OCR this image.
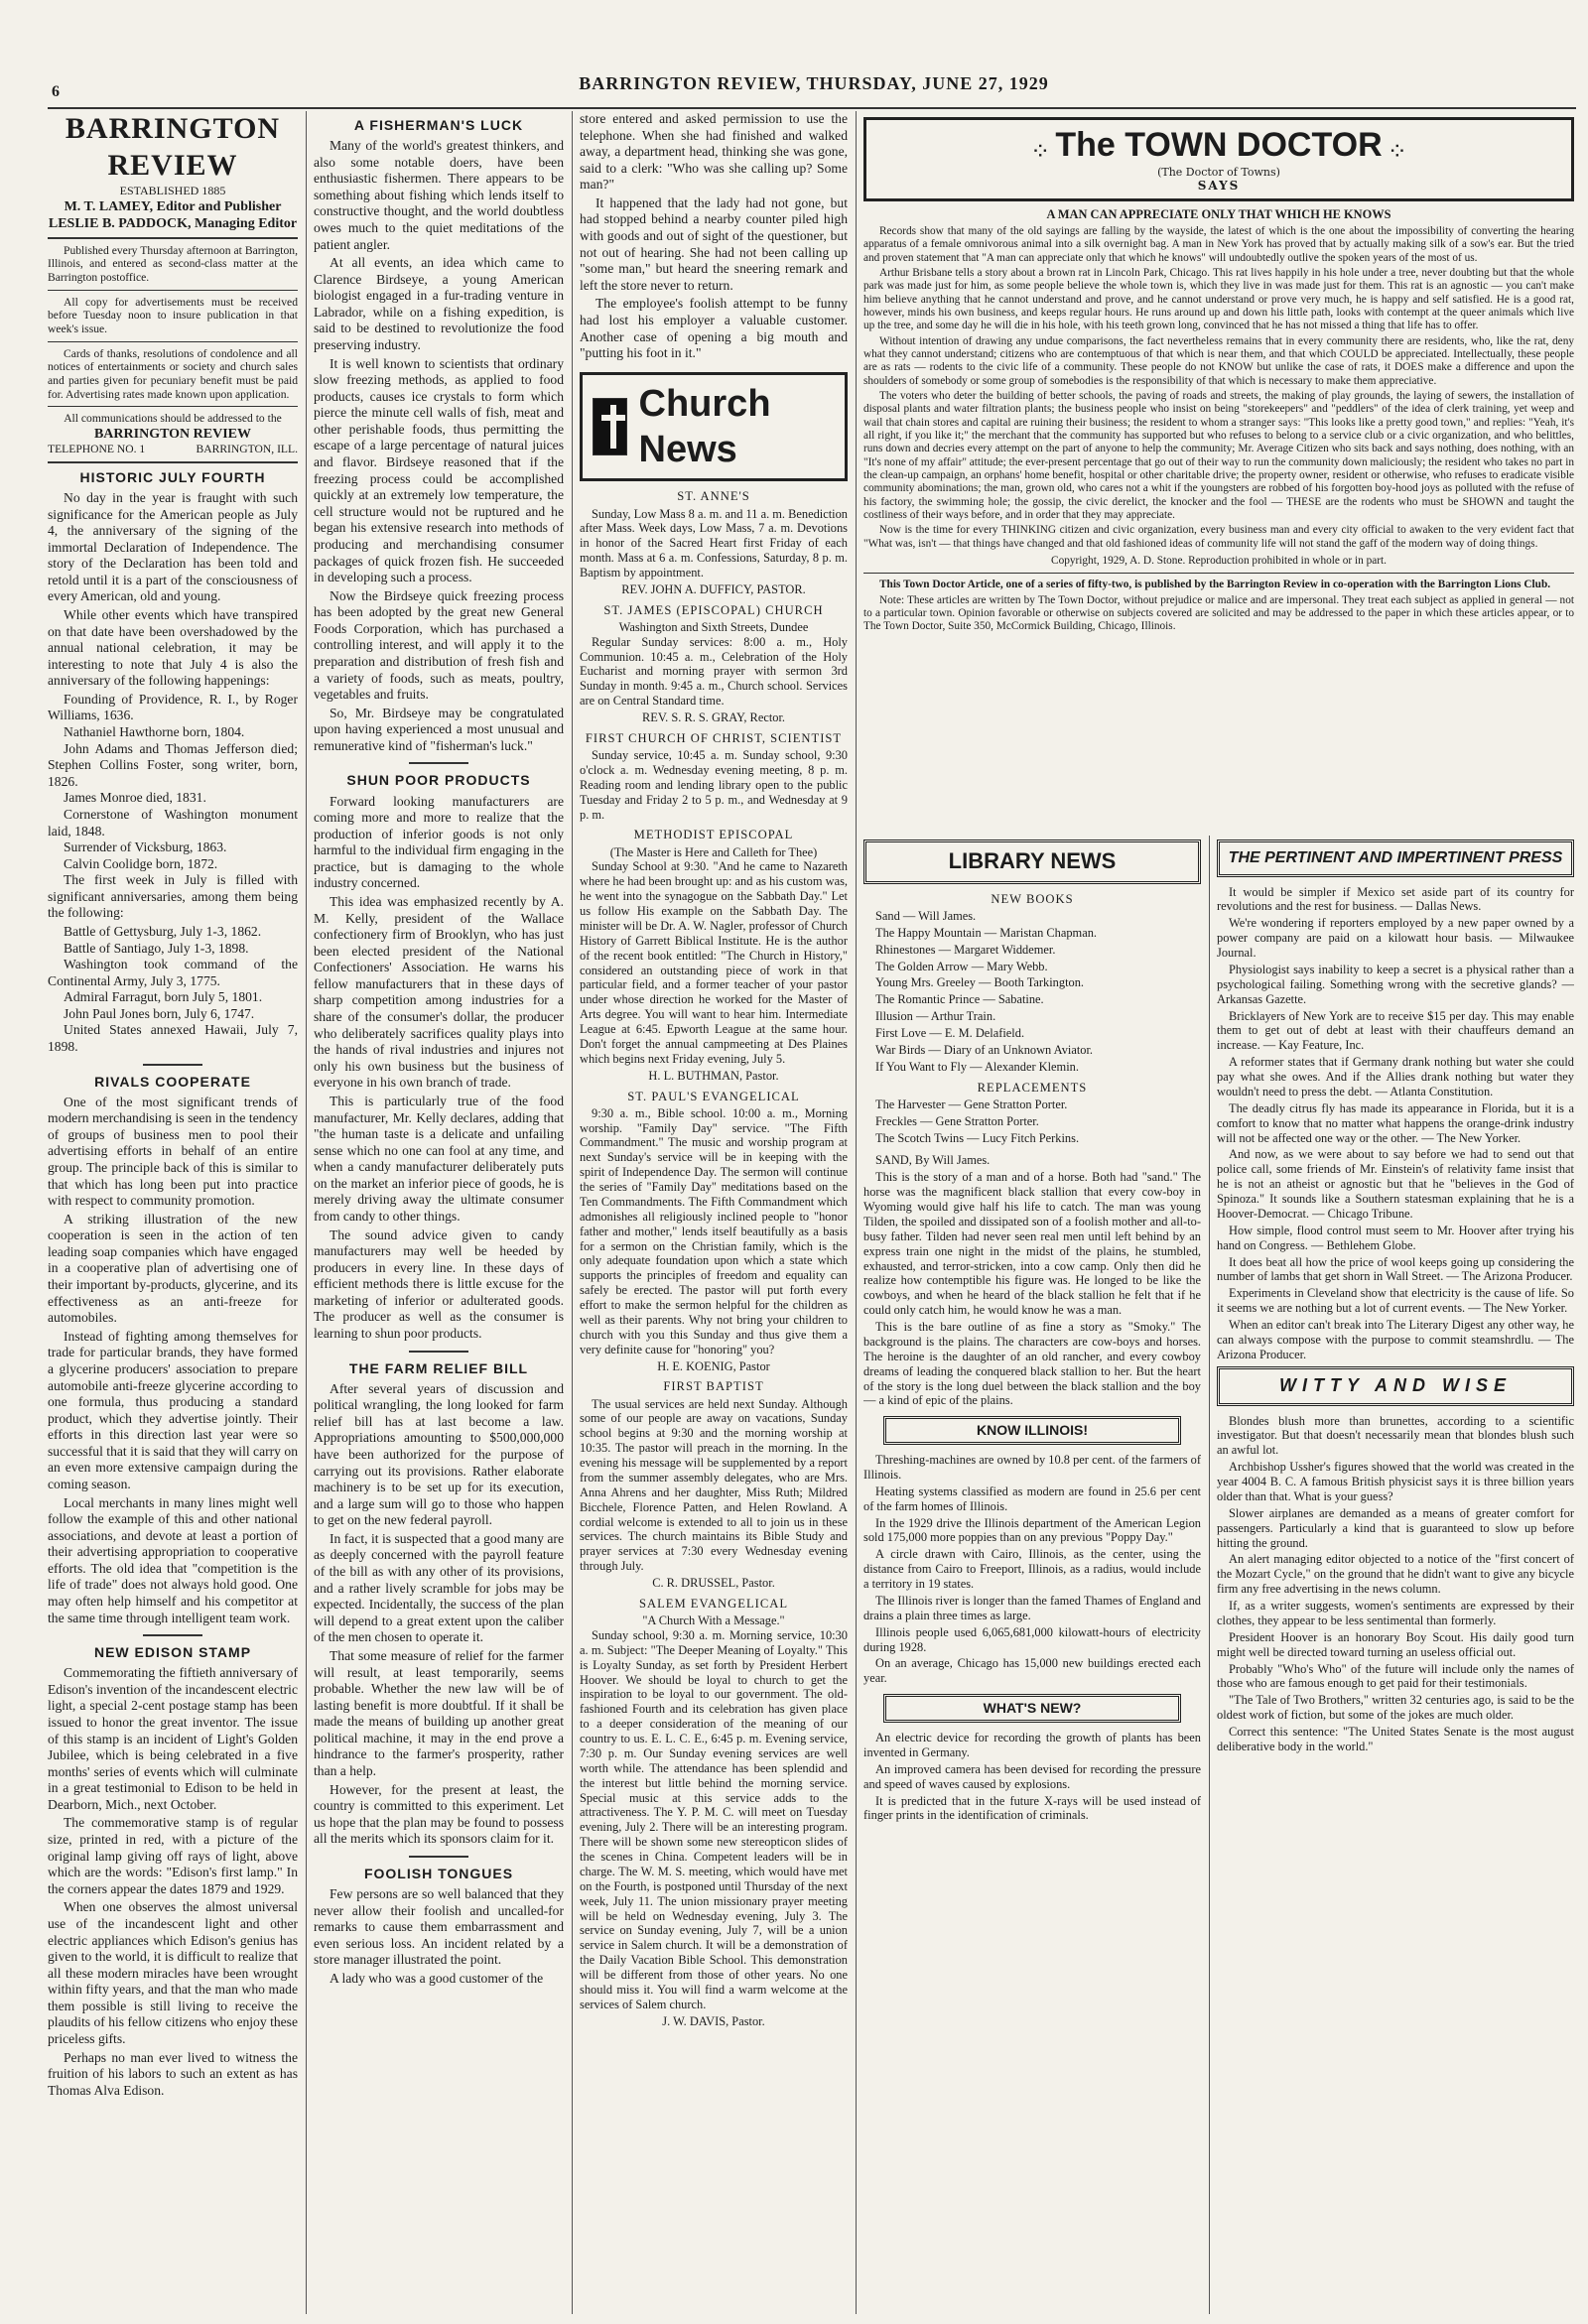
6	BARRINGTON REVIEW, THURSDAY, JUNE 27, 1929
BARRINGTON REVIEW
ESTABLISHED 1885
M. T. LAMEY, Editor and Publisher
LESLIE B. PADDOCK, Managing Editor

Published every Thursday afternoon at Barrington, Illinois, and entered as second-class matter at the Barrington postoffice.

All copy for advertisements must be received before Tuesday noon to insure publication in that week's issue.

Cards of thanks, resolutions of condolence and all notices of entertainments or society and church sales and parties given for pecuniary benefit must be paid for. Advertising rates made known upon application.

All communications should be addressed to the
BARRINGTON REVIEW
TELEPHONE NO. 1	BARRINGTON, ILL.
HISTORIC JULY FOURTH

No day in the year is fraught with such significance for the American people as July 4, the anniversary of the signing of the immortal Declaration of Independence. The story of the Declaration has been told and retold until it is a part of the consciousness of every American, old and young.

While other events which have transpired on that date have been overshadowed by the annual national celebration, it may be interesting to note that July 4 is also the anniversary of the following happenings:

Founding of Providence, R. I., by Roger Williams, 1636.

Nathaniel Hawthorne born, 1804.

John Adams and Thomas Jefferson died; Stephen Collins Foster, song writer, born, 1826.

James Monroe died, 1831.

Cornerstone of Washington monument laid, 1848.

Surrender of Vicksburg, 1863.

Calvin Coolidge born, 1872.

The first week in July is filled with significant anniversaries, among them being the following:

Battle of Gettysburg, July 1-3, 1862.

Battle of Santiago, July 1-3, 1898.

Washington took command of the Continental Army, July 3, 1775.

Admiral Farragut, born July 5, 1801.

John Paul Jones born, July 6, 1747.

United States annexed Hawaii, July 7, 1898.

RIVALS COOPERATE

One of the most significant trends of modern merchandising is seen in the tendency of groups of business men to pool their advertising efforts in behalf of an entire group. The principle back of this is similar to that which has long been put into practice with respect to community promotion.

A striking illustration of the new cooperation is seen in the action of ten leading soap companies which have engaged in a cooperative plan of advertising one of their important by-products, glycerine, and its effectiveness as an anti-freeze for automobiles.

Instead of fighting among themselves for trade for particular brands, they have formed a glycerine producers' association to prepare automobile anti-freeze glycerine according to one formula, thus producing a standard product, which they advertise jointly. Their efforts in this direction last year were so successful that it is said that they will carry on an even more extensive campaign during the coming season.

Local merchants in many lines might well follow the example of this and other national associations, and devote at least a portion of their advertising appropriation to cooperative efforts. The old idea that "competition is the life of trade" does not always hold good. One may often help himself and his competitor at the same time through intelligent team work.

NEW EDISON STAMP

Commemorating the fiftieth anniversary of Edison's invention of the incandescent electric light, a special 2-cent postage stamp has been issued to honor the great inventor. The issue of this stamp is an incident of Light's Golden Jubilee, which is being celebrated in a five months' series of events which will culminate in a great testimonial to Edison to be held in Dearborn, Mich., next October.

The commemorative stamp is of regular size, printed in red, with a picture of the original lamp giving off rays of light, above which are the words: "Edison's first lamp." In the corners appear the dates 1879 and 1929.

When one observes the almost universal use of the incandescent light and other electric appliances which Edison's genius has given to the world, it is difficult to realize that all these modern miracles have been wrought within fifty years, and that the man who made them possible is still living to receive the plaudits of his fellow citizens who enjoy these priceless gifts.

Perhaps no man ever lived to witness the fruition of his labors to such an extent as has Thomas Alva Edison.

A FISHERMAN'S LUCK

Many of the world's greatest thinkers, and also some notable doers, have been enthusiastic fishermen. There appears to be something about fishing which lends itself to constructive thought, and the world doubtless owes much to the quiet meditations of the patient angler.

At all events, an idea which came to Clarence Birdseye, a young American biologist engaged in a fur-trading venture in Labrador, while on a fishing expedition, is said to be destined to revolutionize the food preserving industry.

It is well known to scientists that ordinary slow freezing methods, as applied to food products, causes ice crystals to form which pierce the minute cell walls of fish, meat and other perishable foods, thus permitting the escape of a large percentage of natural juices and flavor. Birdseye reasoned that if the freezing process could be accomplished quickly at an extremely low temperature, the cell structure would not be ruptured and he began his extensive research into methods of producing and merchandising consumer packages of quick frozen fish. He succeeded in developing such a process.

Now the Birdseye quick freezing process has been adopted by the great new General Foods Corporation, which has purchased a controlling interest, and will apply it to the preparation and distribution of fresh fish and a variety of foods, such as meats, poultry, vegetables and fruits.

So, Mr. Birdseye may be congratulated upon having experienced a most unusual and remunerative kind of "fisherman's luck."

SHUN POOR PRODUCTS

Forward looking manufacturers are coming more and more to realize that the production of inferior goods is not only harmful to the individual firm engaging in the practice, but is damaging to the whole industry concerned.

This idea was emphasized recently by A. M. Kelly, president of the Wallace confectionery firm of Brooklyn, who has just been elected president of the National Confectioners' Association. He warns his fellow manufacturers that in these days of sharp competition among industries for a share of the consumer's dollar, the producer who deliberately sacrifices quality plays into the hands of rival industries and injures not only his own business but the business of everyone in his own branch of trade.

This is particularly true of the food manufacturer, Mr. Kelly declares, adding that "the human taste is a delicate and unfailing sense which no one can fool at any time, and when a candy manufacturer deliberately puts on the market an inferior piece of goods, he is merely driving away the ultimate consumer from candy to other things.

The sound advice given to candy manufacturers may well be heeded by producers in every line. In these days of efficient methods there is little excuse for the marketing of inferior or adulterated goods. The producer as well as the consumer is learning to shun poor products.

THE FARM RELIEF BILL

After several years of discussion and political wrangling, the long looked for farm relief bill has at last become a law. Appropriations amounting to $500,000,000 have been authorized for the purpose of carrying out its provisions. Rather elaborate machinery is to be set up for its execution, and a large sum will go to those who happen to get on the new federal payroll.

In fact, it is suspected that a good many are as deeply concerned with the payroll feature of the bill as with any other of its provisions, and a rather lively scramble for jobs may be expected. Incidentally, the success of the plan will depend to a great extent upon the caliber of the men chosen to operate it.

That some measure of relief for the farmer will result, at least temporarily, seems probable. Whether the new law will be of lasting benefit is more doubtful. If it shall be made the means of building up another great political machine, it may in the end prove a hindrance to the farmer's prosperity, rather than a help.

However, for the present at least, the country is committed to this experiment. Let us hope that the plan may be found to possess all the merits which its sponsors claim for it.

FOOLISH TONGUES

Few persons are so well balanced that they never allow their foolish and uncalled-for remarks to cause them embarrassment and even serious loss. An incident related by a store manager illustrated the point.

A lady who was a good customer of the

store entered and asked permission to use the telephone. When she had finished and walked away, a department head, thinking she was gone, said to a clerk: "Who was she calling up? Some man?"

It happened that the lady had not gone, but had stopped behind a nearby counter piled high with goods and out of sight of the questioner, but not out of hearing. She had not been calling up "some man," but heard the sneering remark and left the store never to return.

The employee's foolish attempt to be funny had lost his employer a valuable customer. Another case of opening a big mouth and "putting his foot in it."

Church News
ST. ANNE'S

Sunday, Low Mass 8 a. m. and 11 a. m. Benediction after Mass. Week days, Low Mass, 7 a. m. Devotions in honor of the Sacred Heart first Friday of each month. Mass at 6 a. m. Confessions, Saturday, 8 p. m. Baptism by appointment.

REV. JOHN A. DUFFICY, PASTOR.
ST. JAMES (EPISCOPAL) CHURCH
Washington and Sixth Streets, Dundee

Regular Sunday services: 8:00 a. m., Holy Communion. 10:45 a. m., Celebration of the Holy Eucharist and morning prayer with sermon 3rd Sunday in month. 9:45 a. m., Church school. Services are on Central Standard time.

REV. S. R. S. GRAY, Rector.
FIRST CHURCH OF CHRIST, SCIENTIST

Sunday service, 10:45 a. m. Sunday school, 9:30 o'clock a. m. Wednesday evening meeting, 8 p. m. Reading room and lending library open to the public Tuesday and Friday 2 to 5 p. m., and Wednesday at 9 p. m.

METHODIST EPISCOPAL
(The Master is Here and Calleth for Thee)

Sunday School at 9:30. "And he came to Nazareth where he had been brought up: and as his custom was, he went into the synagogue on the Sabbath Day." Let us follow His example on the Sabbath Day. The minister will be Dr. A. W. Nagler, professor of Church History of Garrett Biblical Institute. He is the author of the recent book entitled: "The Church in History," considered an outstanding piece of work in that particular field, and a former teacher of your pastor under whose direction he worked for the Master of Arts degree. You will want to hear him. Intermediate League at 6:45. Epworth League at the same hour. Don't forget the annual campmeeting at Des Plaines which begins next Friday evening, July 5.

H. L. BUTHMAN, Pastor.
ST. PAUL'S EVANGELICAL

9:30 a. m., Bible school. 10:00 a. m., Morning worship. "Family Day" service. "The Fifth Commandment." The music and worship program at next Sunday's service will be in keeping with the spirit of Independence Day. The sermon will continue the series of "Family Day" meditations based on the Ten Commandments. The Fifth Commandment which admonishes all religiously inclined people to "honor father and mother," lends itself beautifully as a basis for a sermon on the Christian family, which is the only adequate foundation upon which a state which supports the principles of freedom and equality can safely be erected. The pastor will put forth every effort to make the sermon helpful for the children as well as their parents. Why not bring your children to church with you this Sunday and thus give them a very definite cause for "honoring" you?

H. E. KOENIG, Pastor
FIRST BAPTIST

The usual services are held next Sunday. Although some of our people are away on vacations, Sunday school begins at 9:30 and the morning worship at 10:35. The pastor will preach in the morning. In the evening his message will be supplemented by a report from the summer assembly delegates, who are Mrs. Anna Ahrens and her daughter, Miss Ruth; Mildred Bicchele, Florence Patten, and Helen Rowland. A cordial welcome is extended to all to join us in these services. The church maintains its Bible Study and prayer services at 7:30 every Wednesday evening through July.

C. R. DRUSSEL, Pastor.
SALEM EVANGELICAL
"A Church With a Message."

Sunday school, 9:30 a. m. Morning service, 10:30 a. m. Subject: "The Deeper Meaning of Loyalty." This is Loyalty Sunday, as set forth by President Herbert Hoover. We should be loyal to church to get the inspiration to be loyal to our government. The old-fashioned Fourth and its celebration has given place to a deeper consideration of the meaning of our country to us. E. L. C. E., 6:45 p. m. Evening service, 7:30 p. m. Our Sunday evening services are well worth while. The attendance has been splendid and the interest but little behind the morning service. Special music at this service adds to the attractiveness. The Y. P. M. C. will meet on Tuesday evening, July 2. There will be an interesting program. There will be shown some new stereopticon slides of the scenes in China. Competent leaders will be in charge. The W. M. S. meeting, which would have met on the Fourth, is postponed until Thursday of the next week, July 11. The union missionary prayer meeting will be held on Wednesday evening, July 3. The service on Sunday evening, July 7, will be a union service in Salem church. It will be a demonstration of the Daily Vacation Bible School. This demonstration will be different from those of other years. No one should miss it. You will find a warm welcome at the services of Salem church.

J. W. DAVIS, Pastor.
⁘ The TOWN DOCTOR ⁘
(The Doctor of Towns)
SAYS
A MAN CAN APPRECIATE ONLY THAT WHICH HE KNOWS

Records show that many of the old sayings are falling by the wayside, the latest of which is the one about the impossibility of converting the hearing apparatus of a female omnivorous animal into a silk overnight bag. A man in New York has proved that by actually making silk of a sow's ear. But the tried and proven statement that "A man can appreciate only that which he knows" will undoubtedly outlive the spoken years of the most of us.

Arthur Brisbane tells a story about a brown rat in Lincoln Park, Chicago. This rat lives happily in his hole under a tree, never doubting but that the whole park was made just for him, as some people believe the whole town is, which they live in was made just for them. This rat is an agnostic — you can't make him believe anything that he cannot understand and prove, and he cannot understand or prove very much, he is happy and self satisfied. He is a good rat, however, minds his own business, and keeps regular hours. He runs around up and down his little path, looks with contempt at the queer animals which live up the tree, and some day he will die in his hole, with his teeth grown long, convinced that he has not missed a thing that life has to offer.

Without intention of drawing any undue comparisons, the fact nevertheless remains that in every community there are residents, who, like the rat, deny what they cannot understand; citizens who are contemptuous of that which is near them, and that which COULD be appreciated. Intellectually, these people are as rats — rodents to the civic life of a community. These people do not KNOW but unlike the case of rats, it DOES make a difference and upon the shoulders of somebody or some group of somebodies is the responsibility of that which is necessary to make them appreciative.

The voters who deter the building of better schools, the paving of roads and streets, the making of play grounds, the laying of sewers, the installation of disposal plants and water filtration plants; the business people who insist on being "storekeepers" and "peddlers" of the idea of clerk training, yet weep and wail that chain stores and capital are ruining their business; the resident to whom a stranger says: "This looks like a pretty good town," and replies: "Yeah, it's all right, if you like it;" the merchant that the community has supported but who refuses to belong to a service club or a civic organization, and who belittles, runs down and decries every attempt on the part of anyone to help the community; Mr. Average Citizen who sits back and says nothing, does nothing, with an "It's none of my affair" attitude; the ever-present percentage that go out of their way to run the community down maliciously; the resident who takes no part in the clean-up campaign, an orphans' home benefit, hospital or other charitable drive; the property owner, resident or otherwise, who refuses to eradicate visible community abominations; the man, grown old, who cares not a whit if the youngsters are robbed of his forgotten boy-hood joys as polluted with the refuse of his factory, the swimming hole; the gossip, the civic derelict, the knocker and the fool — THESE are the rodents who must be SHOWN and taught the costliness of their ways before, and in order that they may appreciate.

Now is the time for every THINKING citizen and civic organization, every business man and every city official to awaken to the very evident fact that "What was, isn't — that things have changed and that old fashioned ideas of community life will not stand the gaff of the modern way of doing things.

Copyright, 1929, A. D. Stone. Reproduction prohibited in whole or in part.

This Town Doctor Article, one of a series of fifty-two, is published by the Barrington Review in co-operation with the Barrington Lions Club.

Note: These articles are written by The Town Doctor, without prejudice or malice and are impersonal. They treat each subject as applied in general — not to a particular town. Opinion favorable or otherwise on subjects covered are solicited and may be addressed to the paper in which these articles appear, or to The Town Doctor, Suite 350, McCormick Building, Chicago, Illinois.

LIBRARY NEWS
NEW BOOKS

Sand — Will James.

The Happy Mountain — Maristan Chapman.

Rhinestones — Margaret Widdemer.

The Golden Arrow — Mary Webb.

Young Mrs. Greeley — Booth Tarkington.

The Romantic Prince — Sabatine.

Illusion — Arthur Train.

First Love — E. M. Delafield.

War Birds — Diary of an Unknown Aviator.

If You Want to Fly — Alexander Klemin.

REPLACEMENTS

The Harvester — Gene Stratton Porter.

Freckles — Gene Stratton Porter.

The Scotch Twins — Lucy Fitch Perkins.

SAND, By Will James.

This is the story of a man and of a horse. Both had "sand." The horse was the magnificent black stallion that every cow-boy in Wyoming would give half his life to catch. The man was young Tilden, the spoiled and dissipated son of a foolish mother and all-to-busy father. Tilden had never seen real men until left behind by an express train one night in the midst of the plains, he stumbled, exhausted, and terror-stricken, into a cow camp. Only then did he realize how contemptible his figure was. He longed to be like the cowboys, and when he heard of the black stallion he felt that if he could only catch him, he would know he was a man.

This is the bare outline of as fine a story as "Smoky." The background is the plains. The characters are cow-boys and horses. The heroine is the daughter of an old rancher, and every cowboy dreams of leading the conquered black stallion to her. But the heart of the story is the long duel between the black stallion and the boy — a kind of epic of the plains.

KNOW ILLINOIS!

Threshing-machines are owned by 10.8 per cent. of the farmers of Illinois.

Heating systems classified as modern are found in 25.6 per cent of the farm homes of Illinois.

In the 1929 drive the Illinois department of the American Legion sold 175,000 more poppies than on any previous "Poppy Day."

A circle drawn with Cairo, Illinois, as the center, using the distance from Cairo to Freeport, Illinois, as a radius, would include a territory in 19 states.

The Illinois river is longer than the famed Thames of England and drains a plain three times as large.

Illinois people used 6,065,681,000 kilowatt-hours of electricity during 1928.

On an average, Chicago has 15,000 new buildings erected each year.

WHAT'S NEW?

An electric device for recording the growth of plants has been invented in Germany.

An improved camera has been devised for recording the pressure and speed of waves caused by explosions.

It is predicted that in the future X-rays will be used instead of finger prints in the identification of criminals.

THE PERTINENT AND IMPERTINENT PRESS

It would be simpler if Mexico set aside part of its country for revolutions and the rest for business. — Dallas News.

We're wondering if reporters employed by a new paper owned by a power company are paid on a kilowatt hour basis. — Milwaukee Journal.

Physiologist says inability to keep a secret is a physical rather than a psychological failing. Something wrong with the secretive glands? — Arkansas Gazette.

Bricklayers of New York are to receive $15 per day. This may enable them to get out of debt at least with their chauffeurs demand an increase. — Kay Feature, Inc.

A reformer states that if Germany drank nothing but water she could pay what she owes. And if the Allies drank nothing but water they wouldn't need to press the debt. — Atlanta Constitution.

The deadly citrus fly has made its appearance in Florida, but it is a comfort to know that no matter what happens the orange-drink industry will not be affected one way or the other. — The New Yorker.

And now, as we were about to say before we had to send out that police call, some friends of Mr. Einstein's of relativity fame insist that he is not an atheist or agnostic but that he "believes in the God of Spinoza." It sounds like a Southern statesman explaining that he is a Hoover-Democrat. — Chicago Tribune.

How simple, flood control must seem to Mr. Hoover after trying his hand on Congress. — Bethlehem Globe.

It does beat all how the price of wool keeps going up considering the number of lambs that get shorn in Wall Street. — The Arizona Producer.

Experiments in Cleveland show that electricity is the cause of life. So it seems we are nothing but a lot of current events. — The New Yorker.

When an editor can't break into The Literary Digest any other way, he can always compose with the purpose to commit steamshrdlu. — The Arizona Producer.

WITTY AND WISE

Blondes blush more than brunettes, according to a scientific investigator. But that doesn't necessarily mean that blondes blush such an awful lot.

Archbishop Ussher's figures showed that the world was created in the year 4004 B. C. A famous British physicist says it is three billion years older than that. What is your guess?

Slower airplanes are demanded as a means of greater comfort for passengers. Particularly a kind that is guaranteed to slow up before hitting the ground.

An alert managing editor objected to a notice of the "first concert of the Mozart Cycle," on the ground that he didn't want to give any bicycle firm any free advertising in the news column.

If, as a writer suggests, women's sentiments are expressed by their clothes, they appear to be less sentimental than formerly.

President Hoover is an honorary Boy Scout. His daily good turn might well be directed toward turning an useless official out.

Probably "Who's Who" of the future will include only the names of those who are famous enough to get paid for their testimonials.

"The Tale of Two Brothers," written 32 centuries ago, is said to be the oldest work of fiction, but some of the jokes are much older.

Correct this sentence: "The United States Senate is the most august deliberative body in the world."
